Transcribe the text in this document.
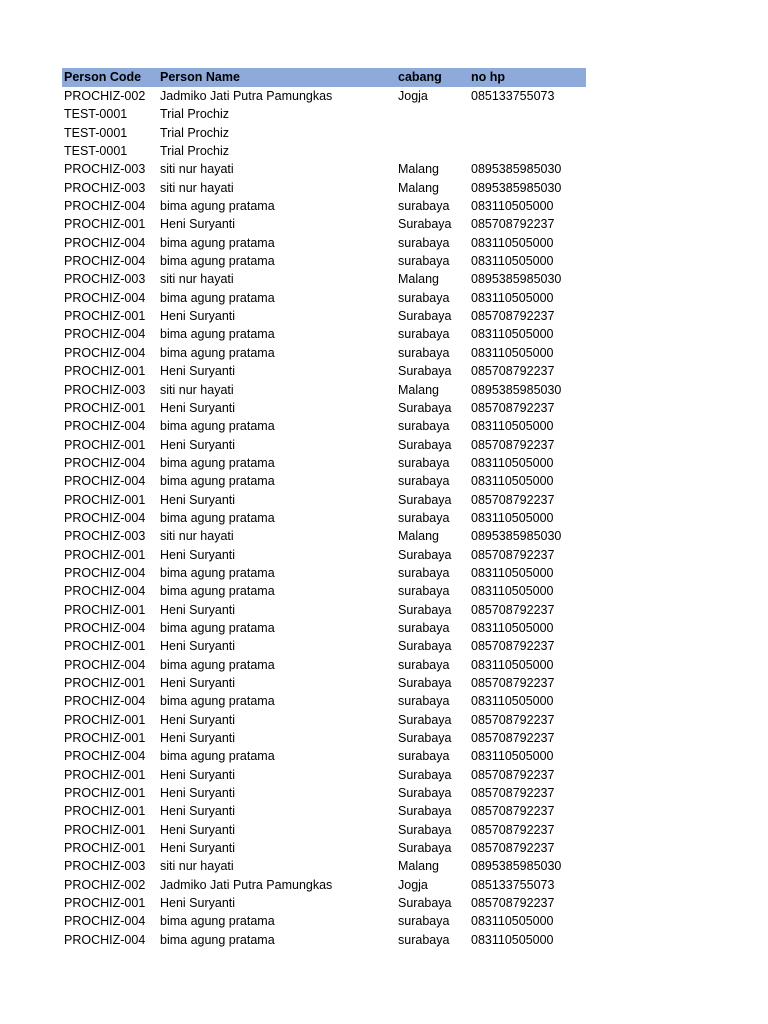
Person Code	Person Name	cabang	no hp
PROCHIZ-002	Jadmiko Jati Putra Pamungkas	Jogja	085133755073
TEST-0001	Trial Prochiz
TEST-0001	Trial Prochiz
TEST-0001	Trial Prochiz
PROCHIZ-003	siti nur hayati	Malang	0895385985030
PROCHIZ-003	siti nur hayati	Malang	0895385985030
PROCHIZ-004	bima agung pratama	surabaya	083110505000
PROCHIZ-001	Heni Suryanti	Surabaya	085708792237
PROCHIZ-004	bima agung pratama	surabaya	083110505000
PROCHIZ-004	bima agung pratama	surabaya	083110505000
PROCHIZ-003	siti nur hayati	Malang	0895385985030
PROCHIZ-004	bima agung pratama	surabaya	083110505000
PROCHIZ-001	Heni Suryanti	Surabaya	085708792237
PROCHIZ-004	bima agung pratama	surabaya	083110505000
PROCHIZ-004	bima agung pratama	surabaya	083110505000
PROCHIZ-001	Heni Suryanti	Surabaya	085708792237
PROCHIZ-003	siti nur hayati	Malang	0895385985030
PROCHIZ-001	Heni Suryanti	Surabaya	085708792237
PROCHIZ-004	bima agung pratama	surabaya	083110505000
PROCHIZ-001	Heni Suryanti	Surabaya	085708792237
PROCHIZ-004	bima agung pratama	surabaya	083110505000
PROCHIZ-004	bima agung pratama	surabaya	083110505000
PROCHIZ-001	Heni Suryanti	Surabaya	085708792237
PROCHIZ-004	bima agung pratama	surabaya	083110505000
PROCHIZ-003	siti nur hayati	Malang	0895385985030
PROCHIZ-001	Heni Suryanti	Surabaya	085708792237
PROCHIZ-004	bima agung pratama	surabaya	083110505000
PROCHIZ-004	bima agung pratama	surabaya	083110505000
PROCHIZ-001	Heni Suryanti	Surabaya	085708792237
PROCHIZ-004	bima agung pratama	surabaya	083110505000
PROCHIZ-001	Heni Suryanti	Surabaya	085708792237
PROCHIZ-004	bima agung pratama	surabaya	083110505000
PROCHIZ-001	Heni Suryanti	Surabaya	085708792237
PROCHIZ-004	bima agung pratama	surabaya	083110505000
PROCHIZ-001	Heni Suryanti	Surabaya	085708792237
PROCHIZ-001	Heni Suryanti	Surabaya	085708792237
PROCHIZ-004	bima agung pratama	surabaya	083110505000
PROCHIZ-001	Heni Suryanti	Surabaya	085708792237
PROCHIZ-001	Heni Suryanti	Surabaya	085708792237
PROCHIZ-001	Heni Suryanti	Surabaya	085708792237
PROCHIZ-001	Heni Suryanti	Surabaya	085708792237
PROCHIZ-001	Heni Suryanti	Surabaya	085708792237
PROCHIZ-003	siti nur hayati	Malang	0895385985030
PROCHIZ-002	Jadmiko Jati Putra Pamungkas	Jogja	085133755073
PROCHIZ-001	Heni Suryanti	Surabaya	085708792237
PROCHIZ-004	bima agung pratama	surabaya	083110505000
PROCHIZ-004	bima agung pratama	surabaya	083110505000
